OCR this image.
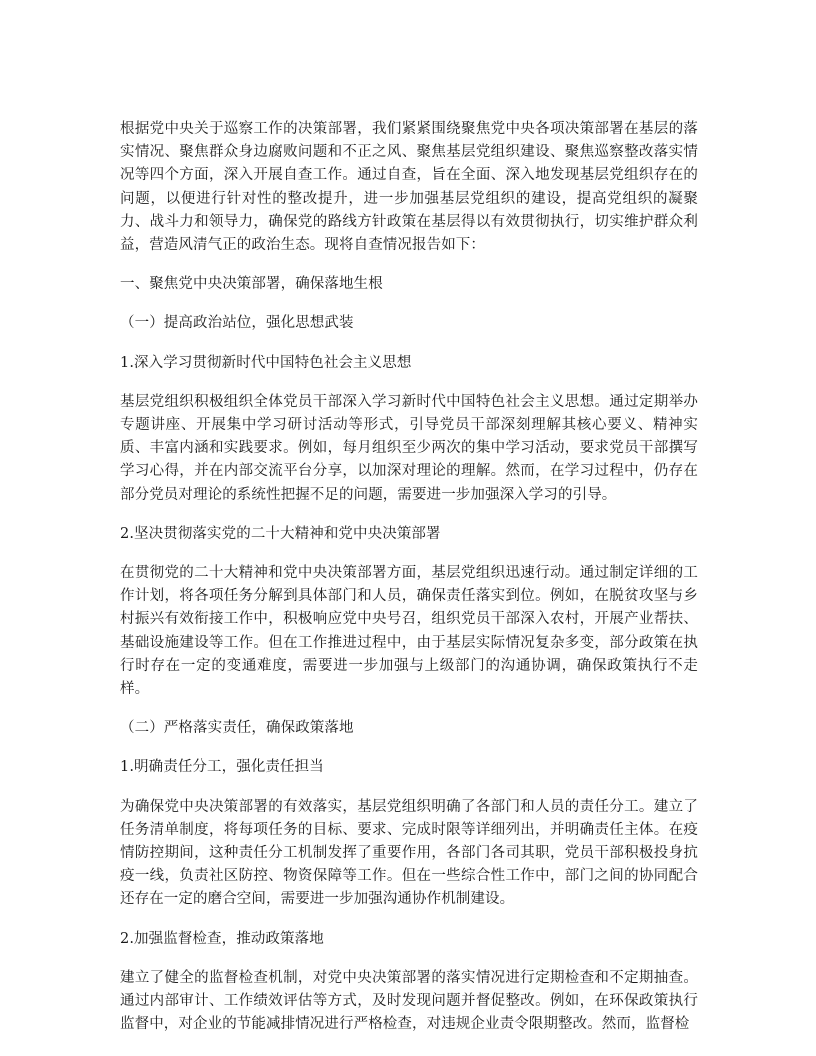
根据党中央关于巡察工作的决策部署，我们紧紧围绕聚焦党中央各项决策部署在基层的落实情况、聚焦群众身边腐败问题和不正之风、聚焦基层党组织建设、聚焦巡察整改落实情况等四个方面，深入开展自查工作。通过自查，旨在全面、深入地发现基层党组织存在的问题，以便进行针对性的整改提升，进一步加强基层党组织的建设，提高党组织的凝聚力、战斗力和领导力，确保党的路线方针政策在基层得以有效贯彻执行，切实维护群众利益，营造风清气正的政治生态。现将自查情况报告如下：

一、聚焦党中央决策部署，确保落地生根

（一）提高政治站位，强化思想武装

1.深入学习贯彻新时代中国特色社会主义思想

基层党组织积极组织全体党员干部深入学习新时代中国特色社会主义思想。通过定期举办专题讲座、开展集中学习研讨活动等形式，引导党员干部深刻理解其核心要义、精神实质、丰富内涵和实践要求。例如，每月组织至少两次的集中学习活动，要求党员干部撰写学习心得，并在内部交流平台分享，以加深对理论的理解。然而，在学习过程中，仍存在部分党员对理论的系统性把握不足的问题，需要进一步加强深入学习的引导。

2.坚决贯彻落实党的二十大精神和党中央决策部署

在贯彻党的二十大精神和党中央决策部署方面，基层党组织迅速行动。通过制定详细的工作计划，将各项任务分解到具体部门和人员，确保责任落实到位。例如，在脱贫攻坚与乡村振兴有效衔接工作中，积极响应党中央号召，组织党员干部深入农村，开展产业帮扶、基础设施建设等工作。但在工作推进过程中，由于基层实际情况复杂多变，部分政策在执行时存在一定的变通难度，需要进一步加强与上级部门的沟通协调，确保政策执行不走样。

（二）严格落实责任，确保政策落地

1.明确责任分工，强化责任担当

为确保党中央决策部署的有效落实，基层党组织明确了各部门和人员的责任分工。建立了任务清单制度，将每项任务的目标、要求、完成时限等详细列出，并明确责任主体。在疫情防控期间，这种责任分工机制发挥了重要作用，各部门各司其职，党员干部积极投身抗疫一线，负责社区防控、物资保障等工作。但在一些综合性工作中，部门之间的协同配合还存在一定的磨合空间，需要进一步加强沟通协作机制建设。

2.加强监督检查，推动政策落地

建立了健全的监督检查机制，对党中央决策部署的落实情况进行定期检查和不定期抽查。通过内部审计、工作绩效评估等方式，及时发现问题并督促整改。例如，在环保政策执行监督中，对企业的节能减排情况进行严格检查，对违规企业责令限期整改。然而，监督检
